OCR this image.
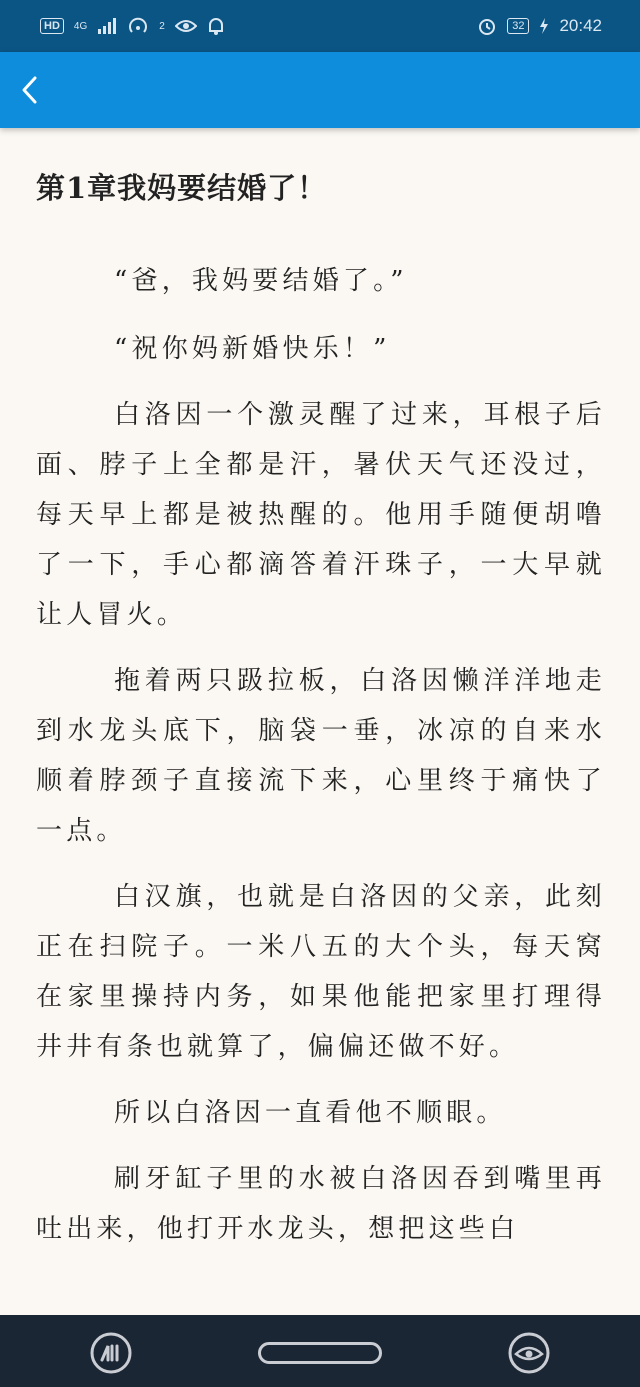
HD	4G	2	32 20:42
第1章我妈要结婚了！

“爸，我妈要结婚了。”

“祝你妈新婚快乐！”

白洛因一个激灵醒了过来，耳根子后面、脖子上全都是汗，暑伏天气还没过，每天早上都是被热醒的。他用手随便胡噜了一下，手心都滴答着汗珠子，一大早就让人冒火。

拖着两只趿拉板，白洛因懒洋洋地走到水龙头底下，脑袋一垂，冰凉的自来水顺着脖颈子直接流下来，心里终于痛快了一点。

白汉旗，也就是白洛因的父亲，此刻正在扫院子。一米八五的大个头，每天窝在家里操持内务，如果他能把家里打理得井井有条也就算了，偏偏还做不好。

所以白洛因一直看他不顺眼。

刷牙缸子里的水被白洛因吞到嘴里再吐出来，他打开水龙头，想把这些白
